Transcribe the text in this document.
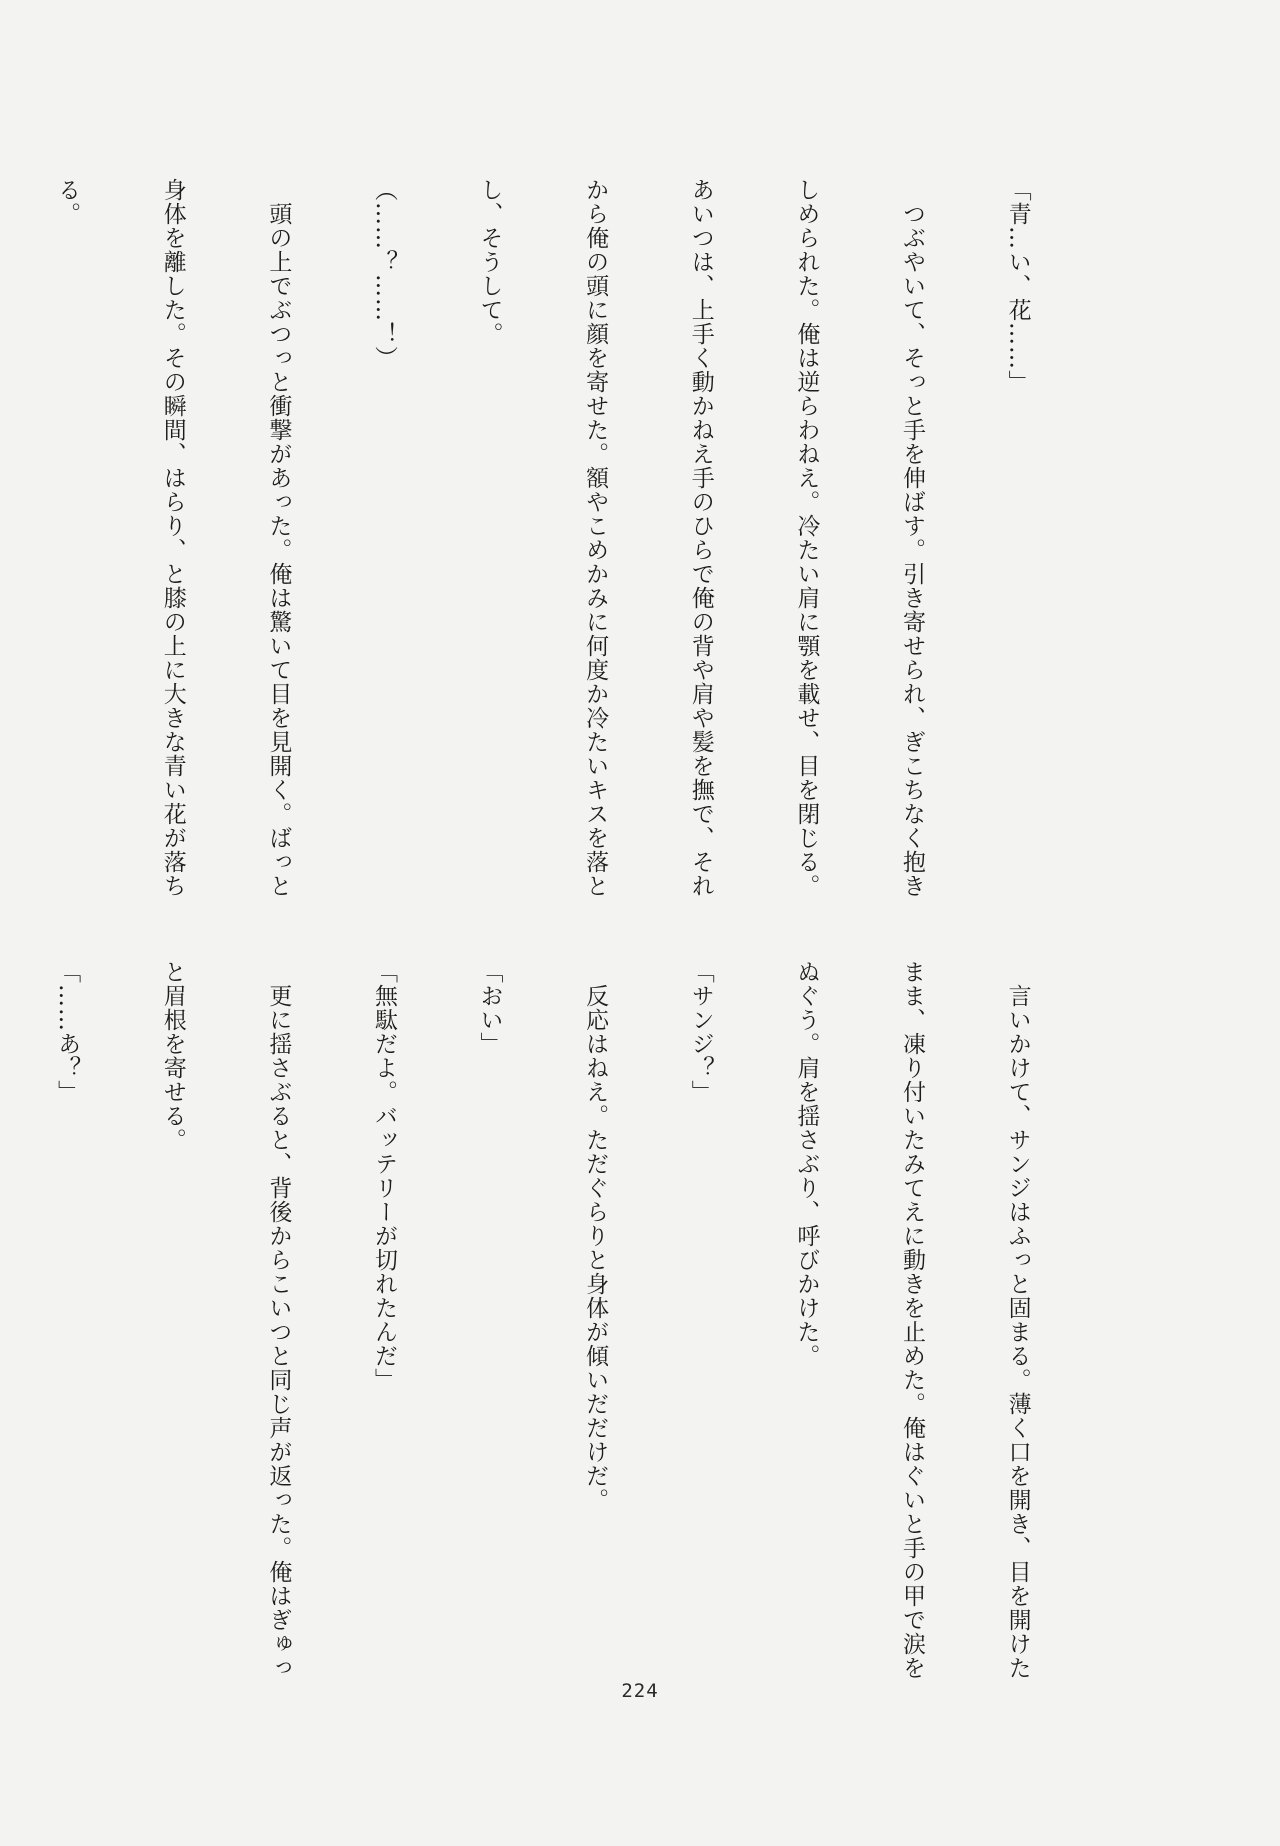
「青…い、花……」

　つぶやいて、そっと手を伸ばす。引き寄せられ、ぎこちなく抱き

しめられた。俺は逆らわねえ。冷たい肩に顎を載せ、目を閉じる。

あいつは、上手く動かねえ手のひらで俺の背や肩や髪を撫で、それ

から俺の頭に顔を寄せた。額やこめかみに何度か冷たいキスを落と

し、そうして。

（……？……！）

　頭の上でぶつっと衝撃があった。俺は驚いて目を見開く。ばっと

身体を離した。その瞬間、はらり、と膝の上に大きな青い花が落ち

る。

　言いかけて、サンジはふっと固まる。薄く口を開き、目を開けた

まま、凍り付いたみてえに動きを止めた。俺はぐいと手の甲で涙を

ぬぐう。肩を揺さぶり、呼びかけた。

「サンジ？」

　反応はねえ。ただぐらりと身体が傾いだだけだ。

「おい」

「無駄だよ。バッテリーが切れたんだ」

　更に揺さぶると、背後からこいつと同じ声が返った。俺はぎゅっ

と眉根を寄せる。

「……あ？」

224
